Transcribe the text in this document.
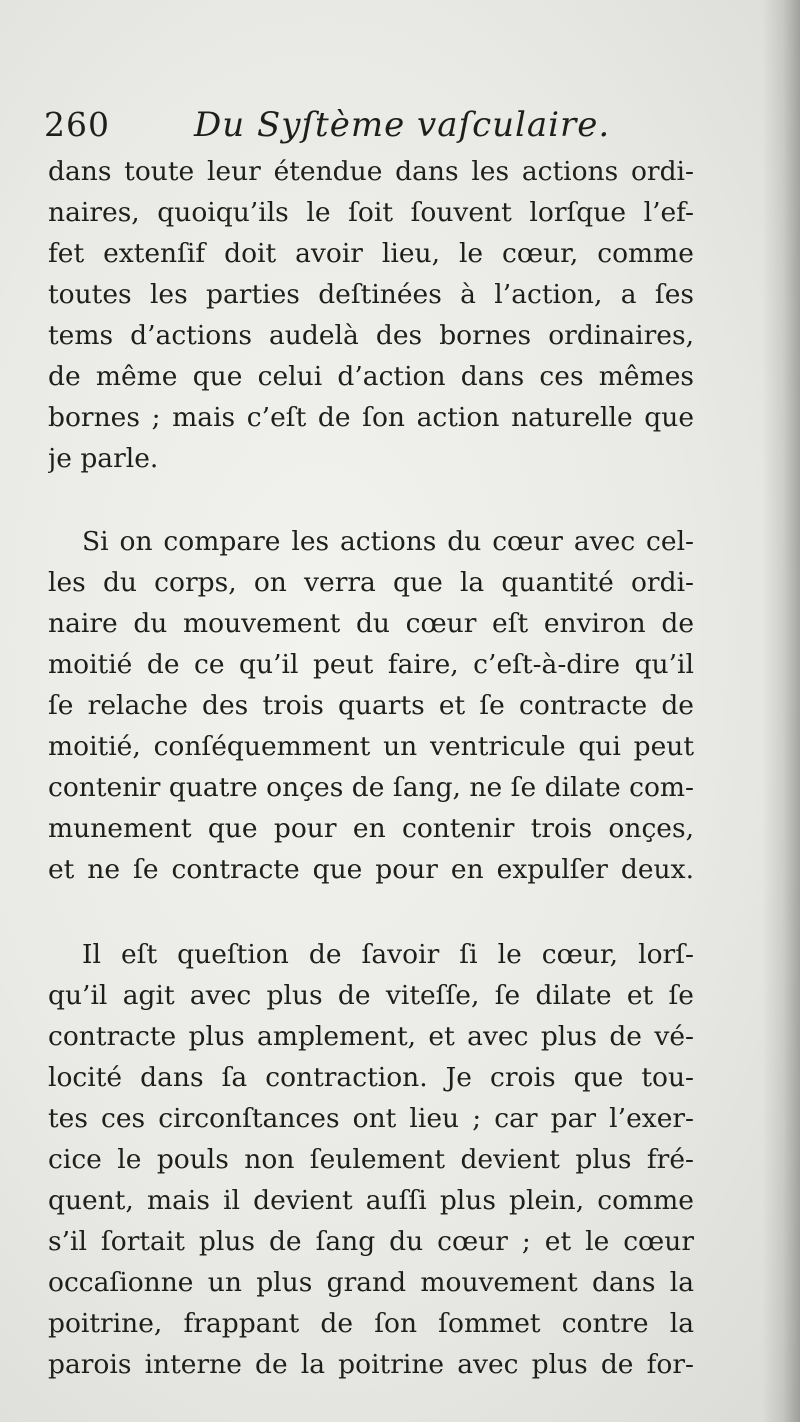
260 Du Syſtème vaſculaire.
dans toute leur étendue dans les actions ordi-
naires, quoiqu’ils le ſoit ſouvent lorſque l’ef-
fet extenſif doit avoir lieu, le cœur, comme
toutes les parties deſtinées à l’action, a ſes
tems d’actions audelà des bornes ordinaires,
de même que celui d’action dans ces mêmes
bornes ; mais c’eſt de ſon action naturelle que
je parle.
Si on compare les actions du cœur avec cel-
les du corps, on verra que la quantité ordi-
naire du mouvement du cœur eſt environ de
moitié de ce qu’il peut faire, c’eſt-à-dire qu’il
ſe relache des trois quarts et ſe contracte de
moitié, conſéquemment un ventricule qui peut
contenir quatre onçes de ſang, ne ſe dilate com-
munement que pour en contenir trois onçes,
et ne ſe contracte que pour en expulſer deux.
Il eſt queſtion de ſavoir ſi le cœur, lorſ-
qu’il agit avec plus de viteſſe, ſe dilate et ſe
contracte plus amplement, et avec plus de vé-
locité dans ſa contraction. Je crois que tou-
tes ces circonſtances ont lieu ; car par l’exer-
cice le pouls non ſeulement devient plus fré-
quent, mais il devient auſſi plus plein, comme
s’il ſortait plus de ſang du cœur ; et le cœur
occaſionne un plus grand mouvement dans la
poitrine, frappant de ſon ſommet contre la
parois interne de la poitrine avec plus de for-
